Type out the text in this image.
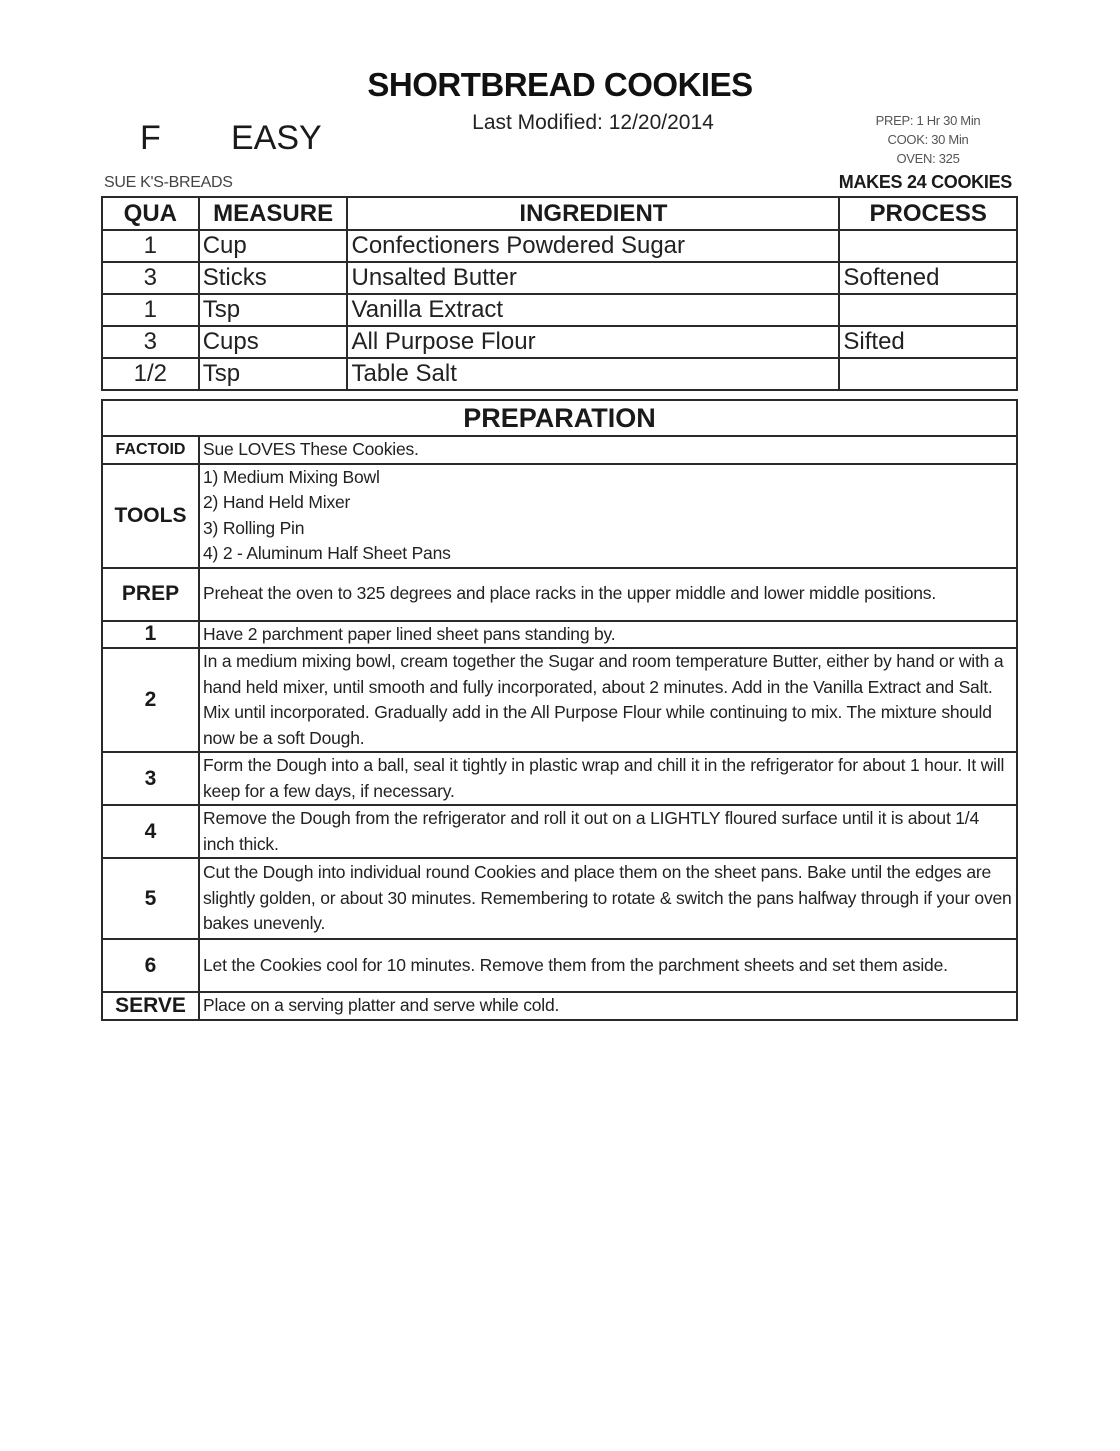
SHORTBREAD COOKIES
Last Modified: 12/20/2014
F EASY	PREP: 1 Hr 30 Min
COOK: 30 Min
OVEN: 325
SUE K'S-BREADS	MAKES 24 COOKIES
QUA	MEASURE	INGREDIENT	PROCESS
1	Cup	Confectioners Powdered Sugar	
3	Sticks	Unsalted Butter	Softened
1	Tsp	Vanilla Extract	
3	Cups	All Purpose Flour	Sifted
1/2	Tsp	Table Salt	
PREPARATION	
FACTOID	Sue LOVES These Cookies.
TOOLS	1) Medium Mixing Bowl
2) Hand Held Mixer
3) Rolling Pin
4) 2 - Aluminum Half Sheet Pans

PREP	Preheat the oven to 325 degrees and place racks in the upper middle and lower middle positions.
1	Have 2 parchment paper lined sheet pans standing by.
2	In a medium mixing bowl, cream together the Sugar and room temperature Butter, either by hand or with a hand held mixer, until smooth and fully incorporated, about 2 minutes. Add in the Vanilla Extract and Salt. Mix until incorporated. Gradually add in the All Purpose Flour while continuing to mix. The mixture should now be a soft Dough.
3	Form the Dough into a ball, seal it tightly in plastic wrap and chill it in the refrigerator for about 1 hour. It will keep for a few days, if necessary.
4	Remove the Dough from the refrigerator and roll it out on a LIGHTLY floured surface until it is about 1/4 inch thick.
5	Cut the Dough into individual round Cookies and place them on the sheet pans. Bake until the edges are slightly golden, or about 30 minutes. Remembering to rotate & switch the pans halfway through if your oven bakes unevenly.
6	Let the Cookies cool for 10 minutes. Remove them from the parchment sheets and set them aside.
SERVE	Place on a serving platter and serve while cold.
